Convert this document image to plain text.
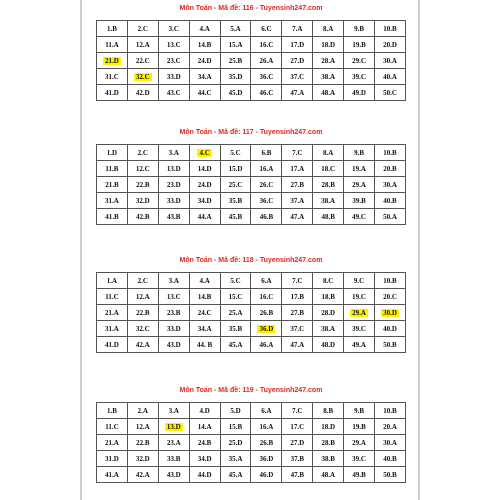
Môn Toán - Mã đề: 116 - Tuyensinh247.com
1.B	2.C	3.C	4.A	5.A	6.C	7.A	8.A	9.B	10.B
11.A	12.A	13.C	14.B	15.A	16.C	17.D	18.D	19.B	20.D
21.D	22.C	23.C	24.D	25.B	26.A	27.D	28.A	29.C	30.A
31.C	32.C	33.D	34.A	35.D	36.C	37.C	38.A	39.C	40.A
41.D	42.D	43.C	44.C	45.D	46.C	47.A	48.A	49.D	50.C
Môn Toán - Mã đề: 117 - Tuyensinh247.com
1.D	2.C	3.A	4.C	5.C	6.B	7.C	8.A	9.B	10.B
11.B	12.C	13.D	14.D	15.D	16.A	17.A	18.C	19.A	20.B
21.B	22.B	23.D	24.D	25.C	26.C	27.B	28.B	29.A	30.A
31.A	32.D	33.D	34.D	35.B	36.C	37.A	38.A	39.B	40.B
41.B	42.B	43.B	44.A	45.B	46.B	47.A	48.B	49.C	50.A
Môn Toán - Mã đề: 118 - Tuyensinh247.com
1.A	2.C	3.A	4.A	5.C	6.A	7.C	8.C	9.C	10.B
11.C	12.A	13.C	14.B	15.C	16.C	17.B	18.B	19.C	20.C
21.A	22.B	23.B	24.C	25.A	26.B	27.B	28.D	29.A	30.D
31.A	32.C	33.D	34.A	35.B	36.D	37.C	38.A	39.C	40.D
41.D	42.A	43.D	44. B	45.A	46.A	47.A	48.D	49.A	50.B
Môn Toán - Mã đề: 119 - Tuyensinh247.com
1.B	2.A	3.A	4.D	5.D	6.A	7.C	8.B	9.B	10.B
11.C	12.A	13.D	14.A	15.B	16.A	17.C	18.D	19.B	20.A
21.A	22.B	23.A	24.B	25.D	26.B	27.D	28.B	29.A	30.A
31.D	32.D	33.B	34.D	35.A	36.D	37.B	38.B	39.C	40.B
41.A	42.A	43.D	44.D	45.A	46.D	47.B	48.A	49.B	50.B
